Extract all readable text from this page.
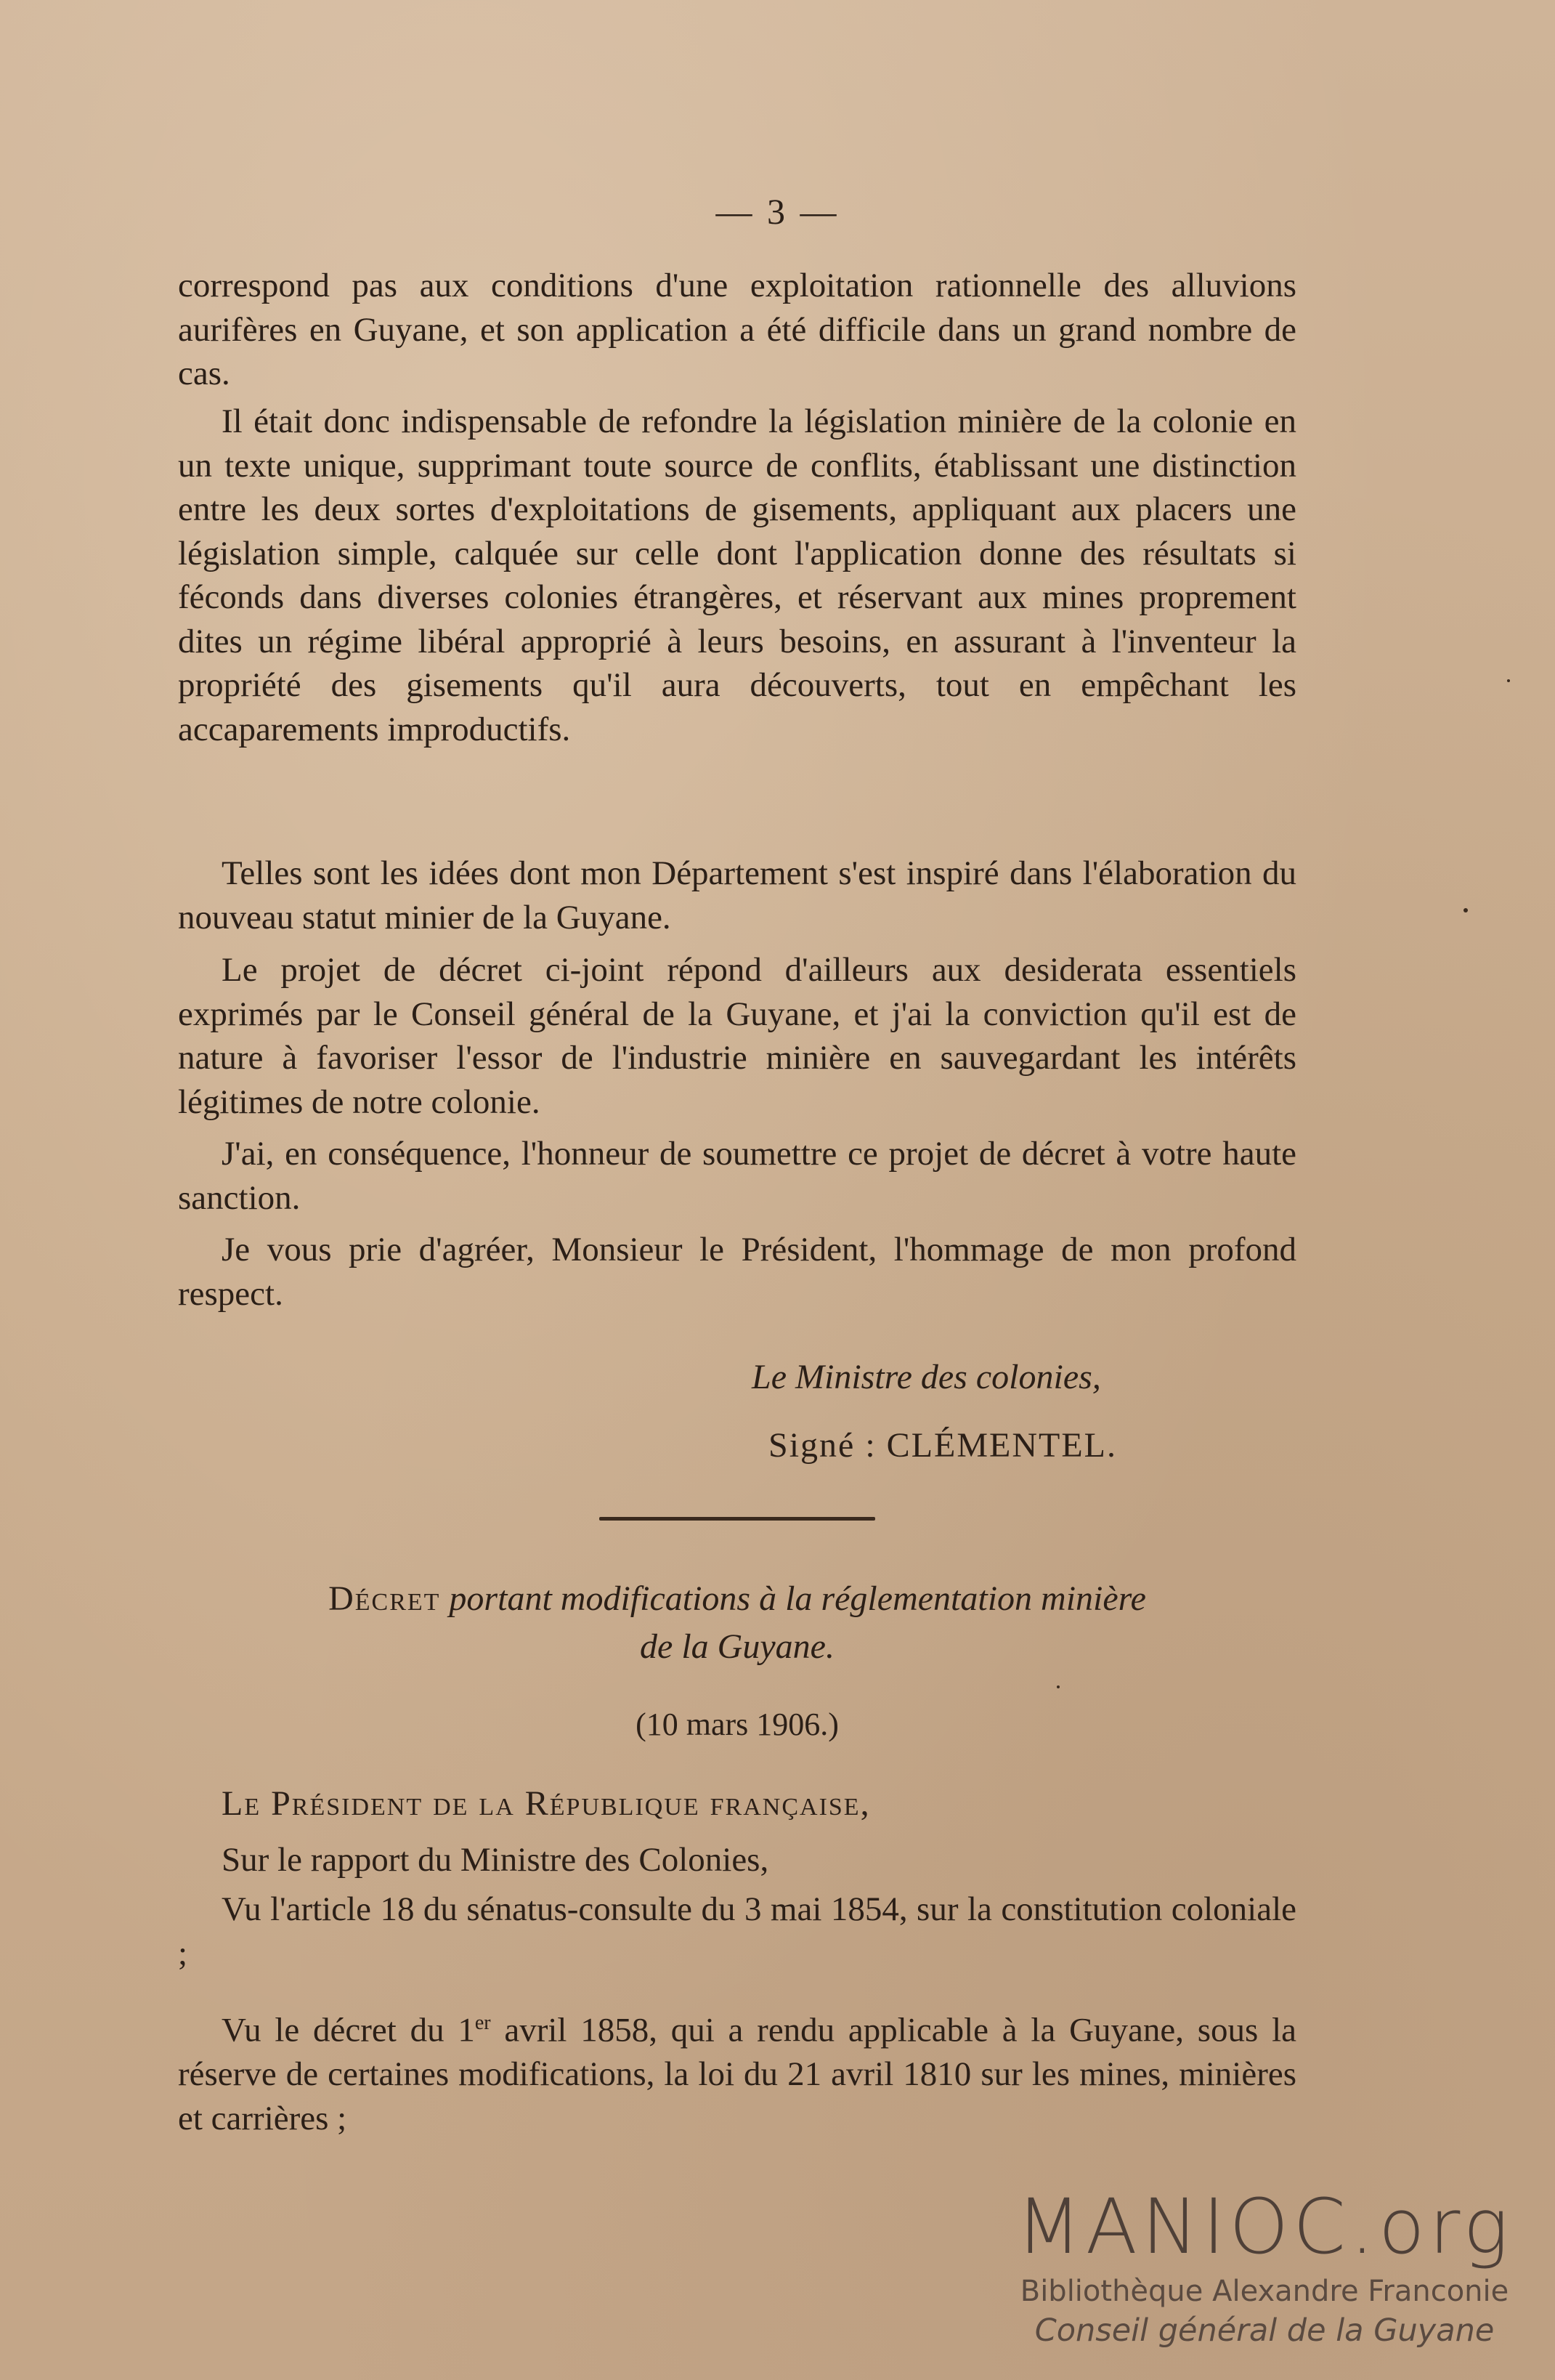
— 3 —

correspond pas aux conditions d'une exploitation rationnelle des alluvions aurifères en Guyane, et son application a été difficile dans un grand nombre de cas.

Il était donc indispensable de refondre la législation minière de la colonie en un texte unique, supprimant toute source de conflits, établissant une distinction entre les deux sortes d'exploitations de gisements, appliquant aux placers une législation simple, calquée sur celle dont l'application donne des résultats si féconds dans diverses colonies étrangères, et réservant aux mines proprement dites un régime libéral approprié à leurs besoins, en assurant à l'inventeur la propriété des gisements qu'il aura découverts, tout en empêchant les accaparements improductifs.

Telles sont les idées dont mon Département s'est inspiré dans l'élaboration du nouveau statut minier de la Guyane.

Le projet de décret ci-joint répond d'ailleurs aux desiderata essentiels exprimés par le Conseil général de la Guyane, et j'ai la conviction qu'il est de nature à favoriser l'essor de l'industrie minière en sauvegardant les intérêts légitimes de notre colonie.

J'ai, en conséquence, l'honneur de soumettre ce projet de décret à votre haute sanction.

Je vous prie d'agréer, Monsieur le Président, l'hommage de mon profond respect.

Sur le rapport du Ministre des Colonies,

Vu l'article 18 du sénatus-consulte du 3 mai 1854, sur la constitution coloniale ;

Vu le décret du 1er avril 1858, qui a rendu applicable à la Guyane, sous la réserve de certaines modifications, la loi du 21 avril 1810 sur les mines, minières et carrières ;

Le Ministre des colonies,
Signé : CLÉMENTEL.
Décret portant modifications à la réglementation minière
de la Guyane.
(10 mars 1906.)
Le Président de la République française,
MANIOC.org
Bibliothèque Alexandre Franconie
Conseil général de la Guyane
